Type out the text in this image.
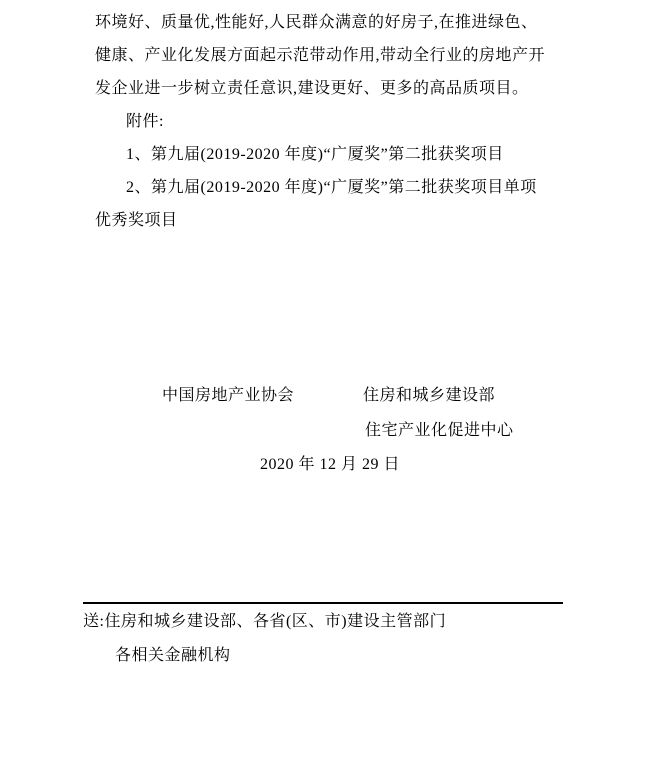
环境好、质量优,性能好,人民群众满意的好房子,在推进绿色、
健康、产业化发展方面起示范带动作用,带动全行业的房地产开
发企业进一步树立责任意识,建设更好、更多的高品质项目。
附件:
1、第九届(2019-2020 年度)“广厦奖”第二批获奖项目
2、第九届(2019-2020 年度)“广厦奖”第二批获奖项目单项
优秀奖项目
中国房地产业协会	住房和城乡建设部
住宅产业化促进中心
2020 年 12 月 29 日
送:住房和城乡建设部、各省(区、市)建设主管部门
各相关金融机构
